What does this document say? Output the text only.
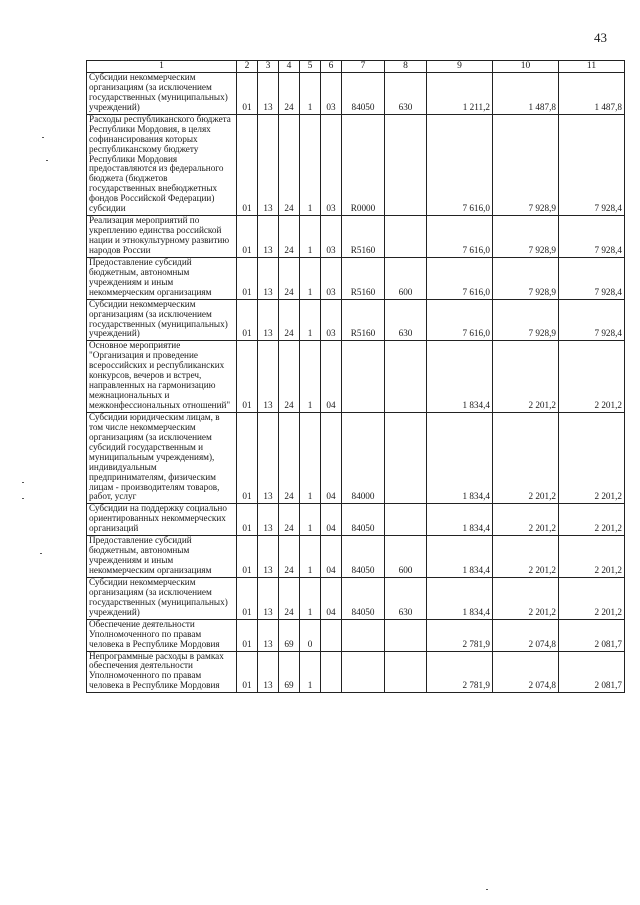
43
1	2	3	4	5	6	7	8	9	10	11
Субсидии некоммерческим организациям (за исключением государственных (муниципальных) учреждений)	01	13	24	1	03	84050	630	1 211,2	1 487,8	1 487,8
Расходы республиканского бюджета Республики Мордовия, в целях софинансирования которых республиканскому бюджету Республики Мордовия предоставляются из федерального бюджета (бюджетов государственных внебюджетных фондов Российской Федерации) субсидии	01	13	24	1	03	R0000		7 616,0	7 928,9	7 928,4
Реализация мероприятий по укреплению единства российской нации и этнокультурному развитию народов России	01	13	24	1	03	R5160		7 616,0	7 928,9	7 928,4
Предоставление субсидий бюджетным, автономным учреждениям и иным некоммерческим организациям	01	13	24	1	03	R5160	600	7 616,0	7 928,9	7 928,4
Субсидии некоммерческим организациям (за исключением государственных (муниципальных) учреждений)	01	13	24	1	03	R5160	630	7 616,0	7 928,9	7 928,4
Основное мероприятие "Организация и проведение всероссийских и республиканских конкурсов, вечеров и встреч, направленных на гармонизацию межнациональных и межконфессиональных отношений"	01	13	24	1	04			1 834,4	2 201,2	2 201,2
Субсидии юридическим лицам, в том числе некоммерческим организациям (за исключением субсидий государственным и муниципальным учреждениям), индивидуальным предпринимателям, физическим лицам - производителям товаров, работ, услуг	01	13	24	1	04	84000		1 834,4	2 201,2	2 201,2
Субсидии на поддержку социально ориентированных некоммерческих организаций	01	13	24	1	04	84050		1 834,4	2 201,2	2 201,2
Предоставление субсидий бюджетным, автономным учреждениям и иным некоммерческим организациям	01	13	24	1	04	84050	600	1 834,4	2 201,2	2 201,2
Субсидии некоммерческим организациям (за исключением государственных (муниципальных) учреждений)	01	13	24	1	04	84050	630	1 834,4	2 201,2	2 201,2
Обеспечение деятельности Уполномоченного по правам человека в Республике Мордовия	01	13	69	0				2 781,9	2 074,8	2 081,7
Непрограммные расходы в рамках обеспечения деятельности Уполномоченного по правам человека в Республике Мордовия	01	13	69	1				2 781,9	2 074,8	2 081,7
